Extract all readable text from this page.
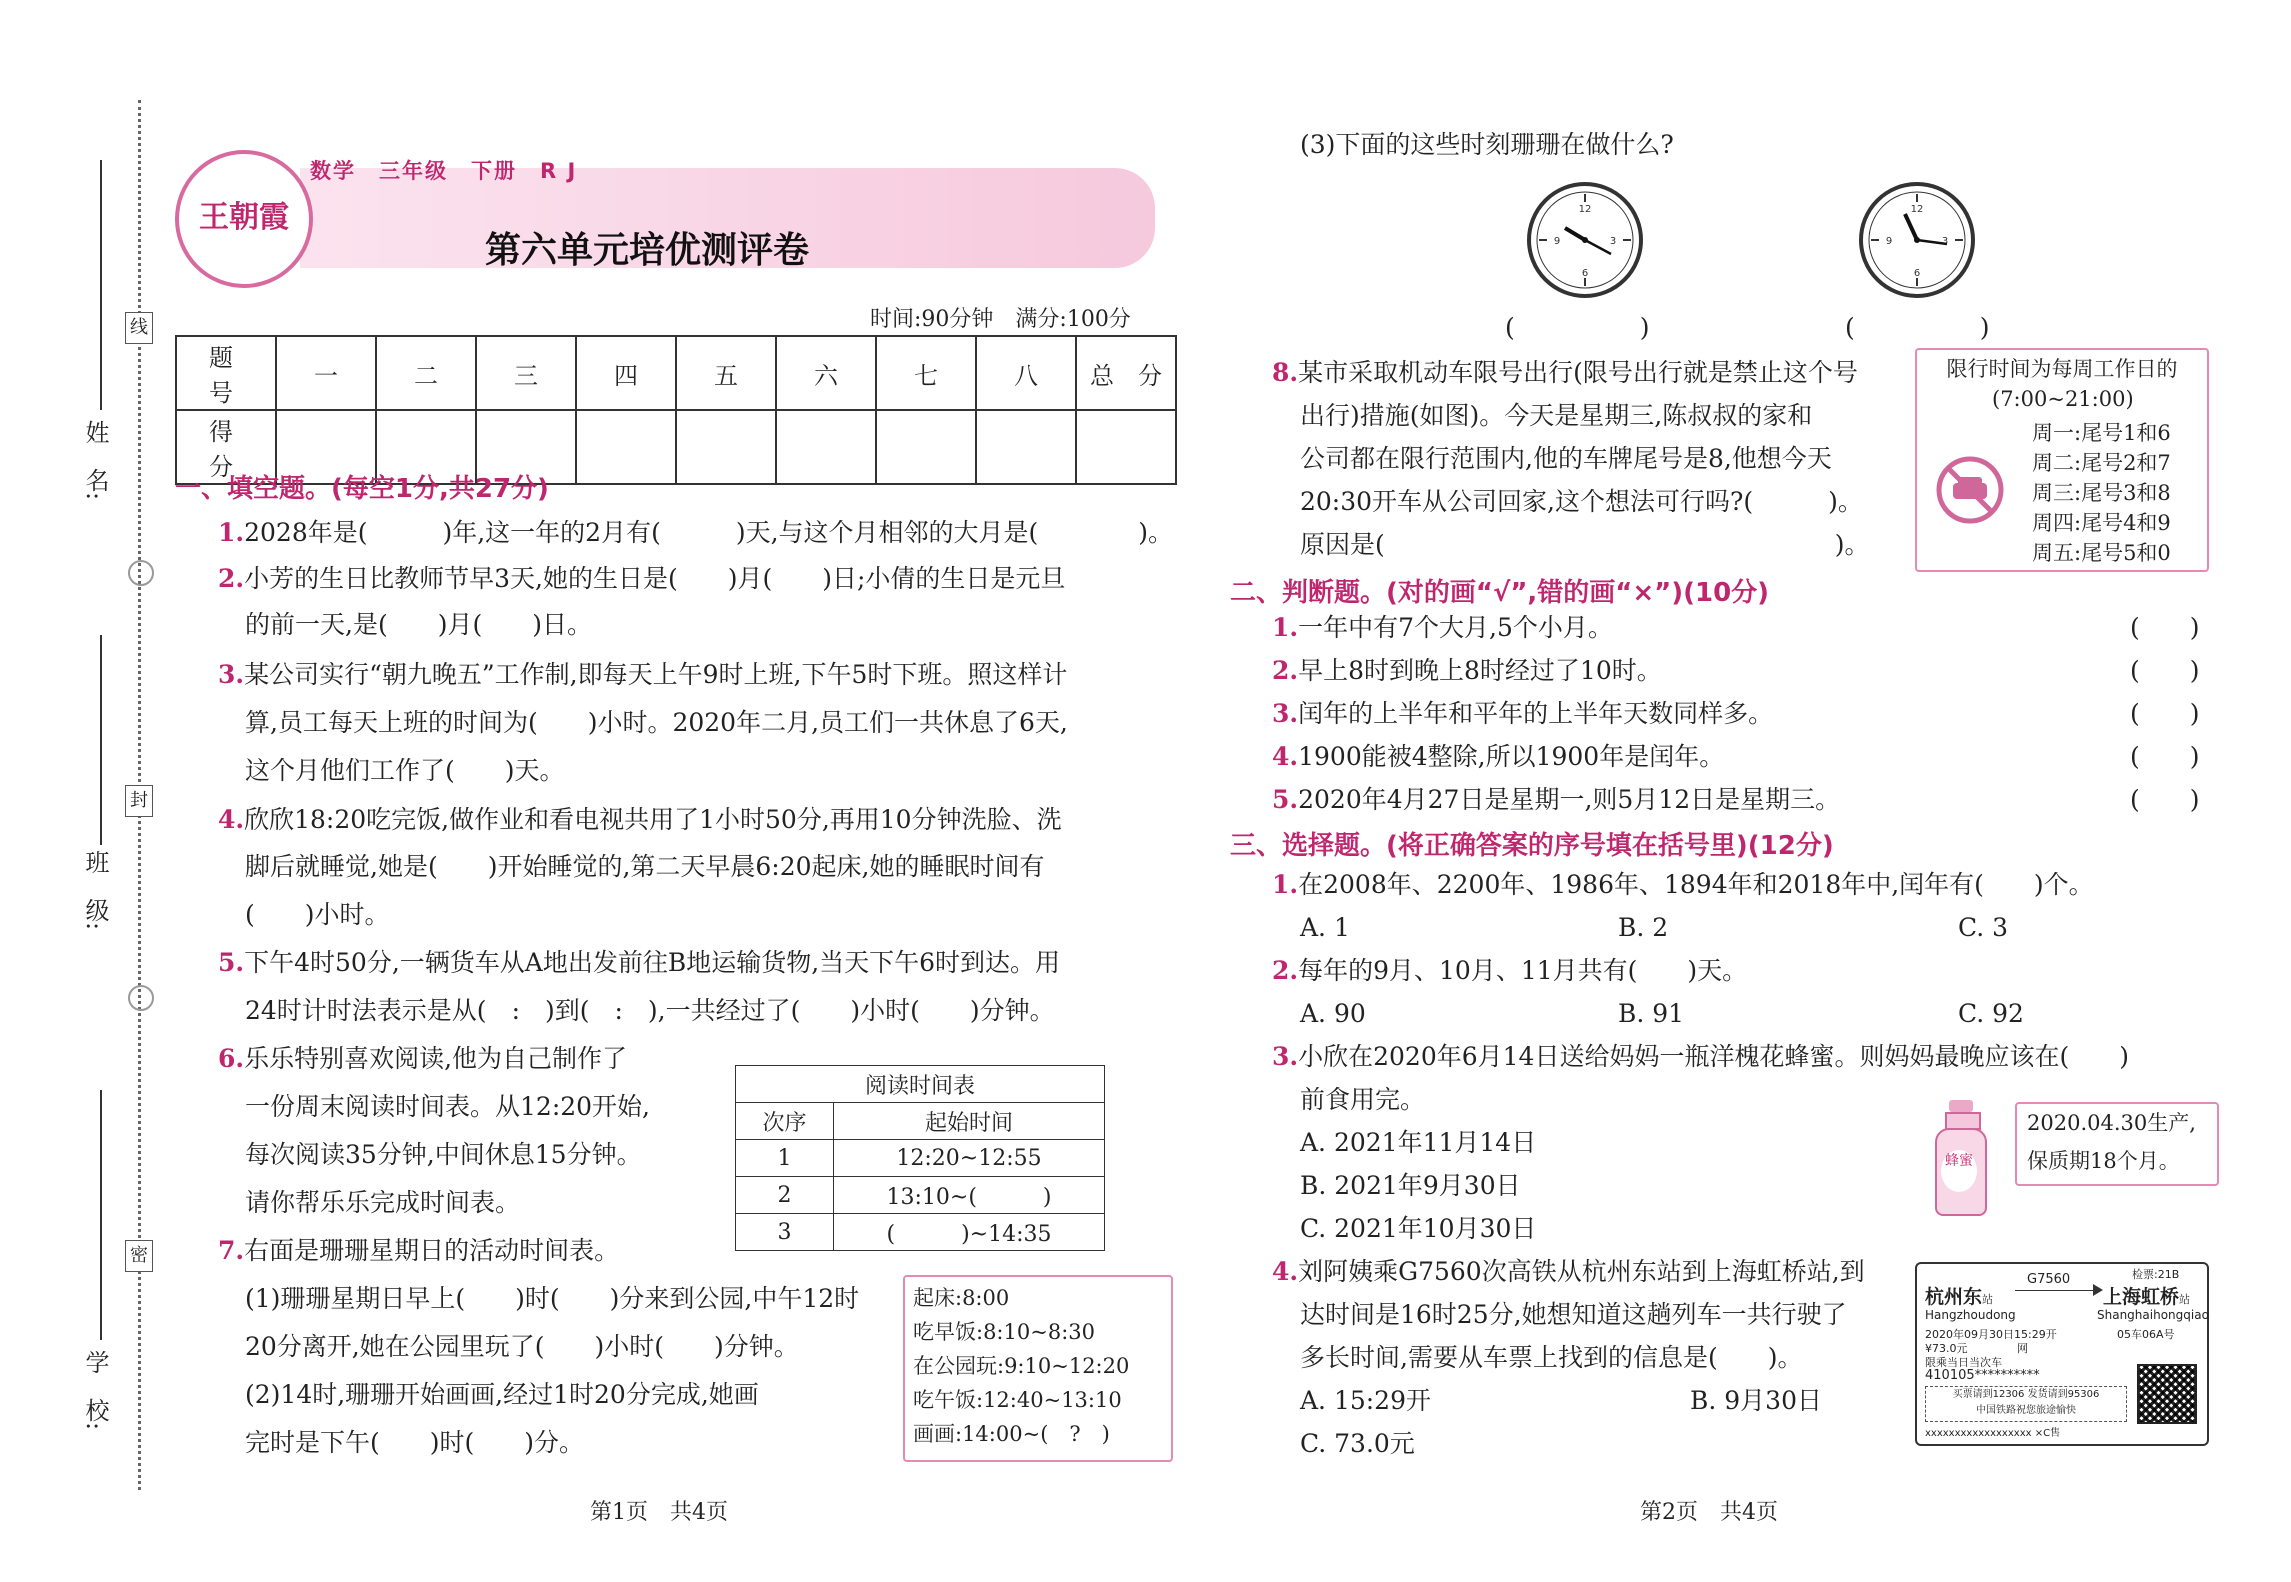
线
封
密
姓　名:
班　级:
学　校:
王朝霞
数学　三年级　下册　R J
第六单元培优测评卷
时间:90分钟　满分:100分
题　号	一	二	三	四	五	六	七	八	总　分
得　分									
一、填空题。(每空1分,共27分)
1.2028年是(　　　)年,这一年的2月有(　　　)天,与这个月相邻的大月是(　　　　)。
2.小芳的生日比教师节早3天,她的生日是(　　)月(　　)日;小倩的生日是元旦
的前一天,是(　　)月(　　)日。
3.某公司实行“朝九晚五”工作制,即每天上午9时上班,下午5时下班。照这样计
算,员工每天上班的时间为(　　)小时。2020年二月,员工们一共休息了6天,
这个月他们工作了(　　)天。
4.欣欣18:20吃完饭,做作业和看电视共用了1小时50分,再用10分钟洗脸、洗
脚后就睡觉,她是(　　)开始睡觉的,第二天早晨6:20起床,她的睡眠时间有
(　　)小时。
5.下午4时50分,一辆货车从A地出发前往B地运输货物,当天下午6时到达。用
24时计时法表示是从(　:　)到(　:　),一共经过了(　　)小时(　　)分钟。
6.乐乐特别喜欢阅读,他为自己制作了
一份周末阅读时间表。从12:20开始,
每次阅读35分钟,中间休息15分钟。
请你帮乐乐完成时间表。
阅读时间表	
次序	起始时间
1	12:20~12:55
2	13:10~(　　　)
3	(　　　)~14:35
7.右面是珊珊星期日的活动时间表。
(1)珊珊星期日早上(　　)时(　　)分来到公园,中午12时
20分离开,她在公园里玩了(　　)小时(　　)分钟。
(2)14时,珊珊开始画画,经过1时20分完成,她画
完时是下午(　　)时(　　)分。
起床:8:00
吃早饭:8:10~8:30
在公园玩:9:10~12:20
吃午饭:12:40~13:10
画画:14:00~(　?　)
第1页　共4页
(3)下面的这些时刻珊珊在做什么?
12
3
6
9
12
3
6
9
(　　　　　)	(　　　　　)
8.某市采取机动车限号出行(限号出行就是禁止这个号
出行)措施(如图)。今天是星期三,陈叔叔的家和
公司都在限行范围内,他的车牌尾号是8,他想今天
20:30开车从公司回家,这个想法可行吗?(　　　)。
原因是(　　　　　　　　　　　　　　　　　　)。
限行时间为每周工作日的
(7:00~21:00)
周一:尾号1和6
周二:尾号2和7
周三:尾号3和8
周四:尾号4和9
周五:尾号5和0
二、判断题。(对的画“√”,错的画“×”)(10分)
1.一年中有7个大月,5个小月。
2.早上8时到晚上8时经过了10时。
3.闰年的上半年和平年的上半年天数同样多。
4.1900能被4整除,所以1900年是闰年。
5.2020年4月27日是星期一,则5月12日是星期三。
(　　)
(　　)
(　　)
(　　)
(　　)
三、选择题。(将正确答案的序号填在括号里)(12分)
1.在2008年、2200年、1986年、1894年和2018年中,闰年有(　　)个。
A. 1	B. 2	C. 3
2.每年的9月、10月、11月共有(　　)天。
A. 90	B. 91	C. 92
3.小欣在2020年6月14日送给妈妈一瓶洋槐花蜂蜜。则妈妈最晚应该在(　　)
前食用完。
A. 2021年11月14日
B. 2021年9月30日
C. 2021年10月30日
蜂蜜
2020.04.30生产,
保质期18个月。
4.刘阿姨乘G7560次高铁从杭州东站到上海虹桥站,到
达时间是16时25分,她想知道这趟列车一共行驶了
多长时间,需要从车票上找到的信息是(　　)。
A. 15:29开	B. 9月30日
C. 73.0元
检票:21B
杭州东站
G7560
上海虹桥站
Hangzhoudong	Shanghaihongqiao
2020年09月30日15:29开	05车06A号
¥73.0元	网
限乘当日当次车
410105**********
买票请到12306 发货请到95306
中国铁路祝您旅途愉快
xxxxxxxxxxxxxxxxxx ×C售
第2页　共4页
